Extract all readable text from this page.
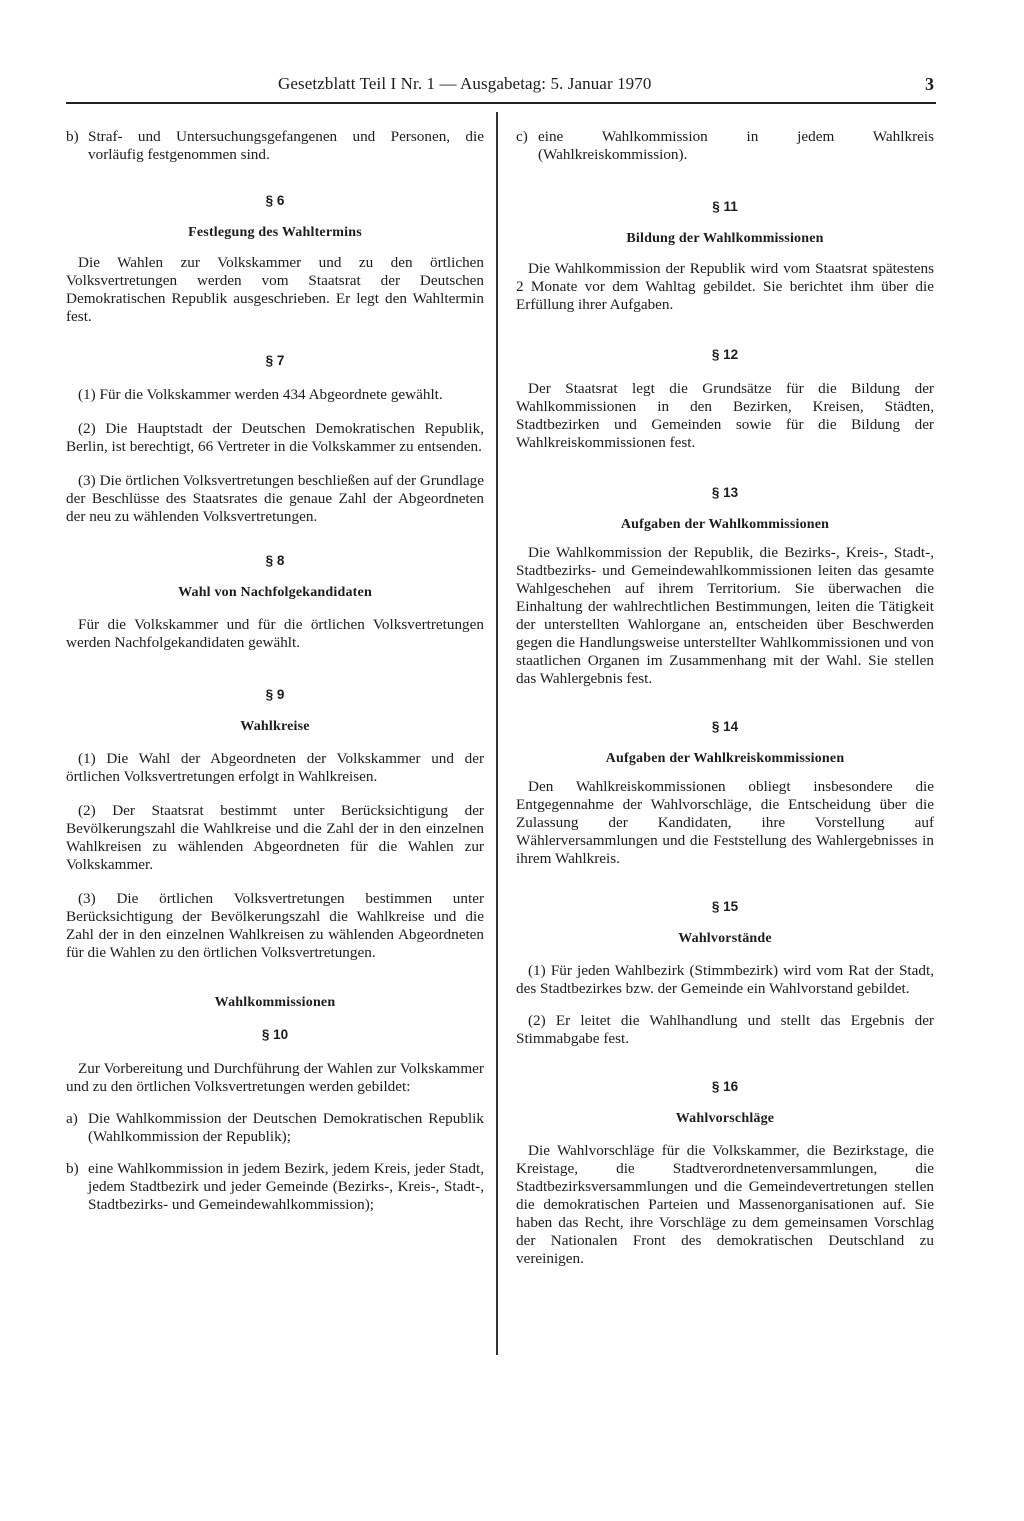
Gesetzblatt Teil I Nr. 1 — Ausgabetag: 5. Januar 1970	3
b) Straf- und Untersuchungsgefangenen und Personen, die vorläufig festgenommen sind.

§ 6

Festlegung des Wahltermins

Die Wahlen zur Volkskammer und zu den örtlichen Volksvertretungen werden vom Staatsrat der Deutschen Demokratischen Republik ausgeschrieben. Er legt den Wahltermin fest.

§ 7

(1) Für die Volkskammer werden 434 Abgeordnete gewählt.

(2) Die Hauptstadt der Deutschen Demokratischen Republik, Berlin, ist berechtigt, 66 Vertreter in die Volkskammer zu entsenden.

(3) Die örtlichen Volksvertretungen beschließen auf der Grundlage der Beschlüsse des Staatsrates die genaue Zahl der Abgeordneten der neu zu wählenden Volksvertretungen.

§ 8

Wahl von Nachfolgekandidaten

Für die Volkskammer und für die örtlichen Volksvertretungen werden Nachfolgekandidaten gewählt.

§ 9

Wahlkreise

(1) Die Wahl der Abgeordneten der Volkskammer und der örtlichen Volksvertretungen erfolgt in Wahlkreisen.

(2) Der Staatsrat bestimmt unter Berücksichtigung der Bevölkerungszahl die Wahlkreise und die Zahl der in den einzelnen Wahlkreisen zu wählenden Abgeordneten für die Wahlen zur Volkskammer.

(3) Die örtlichen Volksvertretungen bestimmen unter Berücksichtigung der Bevölkerungszahl die Wahlkreise und die Zahl der in den einzelnen Wahlkreisen zu wählenden Abgeordneten für die Wahlen zu den örtlichen Volksvertretungen.

Wahlkommissionen

§ 10

Zur Vorbereitung und Durchführung der Wahlen zur Volkskammer und zu den örtlichen Volksvertretungen werden gebildet:

a) Die Wahlkommission der Deutschen Demokratischen Republik (Wahlkommission der Republik);
b) eine Wahlkommission in jedem Bezirk, jedem Kreis, jeder Stadt, jedem Stadtbezirk und jeder Gemeinde (Bezirks-, Kreis-, Stadt-, Stadtbezirks- und Gemeindewahlkommission);
c) eine Wahlkommission in jedem Wahlkreis (Wahlkreiskommission).

§ 11

Bildung der Wahlkommissionen

Die Wahlkommission der Republik wird vom Staatsrat spätestens 2 Monate vor dem Wahltag gebildet. Sie berichtet ihm über die Erfüllung ihrer Aufgaben.

§ 12

Der Staatsrat legt die Grundsätze für die Bildung der Wahlkommissionen in den Bezirken, Kreisen, Städten, Stadtbezirken und Gemeinden sowie für die Bildung der Wahlkreiskommissionen fest.

§ 13

Aufgaben der Wahlkommissionen

Die Wahlkommission der Republik, die Bezirks-, Kreis-, Stadt-, Stadtbezirks- und Gemeindewahlkommissionen leiten das gesamte Wahlgeschehen auf ihrem Territorium. Sie überwachen die Einhaltung der wahlrechtlichen Bestimmungen, leiten die Tätigkeit der unterstellten Wahlorgane an, entscheiden über Beschwerden gegen die Handlungsweise unterstellter Wahlkommissionen und von staatlichen Organen im Zusammenhang mit der Wahl. Sie stellen das Wahlergebnis fest.

§ 14

Aufgaben der Wahlkreiskommissionen

Den Wahlkreiskommissionen obliegt insbesondere die Entgegennahme der Wahlvorschläge, die Entscheidung über die Zulassung der Kandidaten, ihre Vorstellung auf Wählerversammlungen und die Feststellung des Wahlergebnisses in ihrem Wahlkreis.

§ 15

Wahlvorstände

(1) Für jeden Wahlbezirk (Stimmbezirk) wird vom Rat der Stadt, des Stadtbezirkes bzw. der Gemeinde ein Wahlvorstand gebildet.

(2) Er leitet die Wahlhandlung und stellt das Ergebnis der Stimmabgabe fest.

§ 16

Wahlvorschläge

Die Wahlvorschläge für die Volkskammer, die Bezirkstage, die Kreistage, die Stadtverordnetenversammlungen, die Stadtbezirksversammlungen und die Gemeindevertretungen stellen die demokratischen Parteien und Massenorganisationen auf. Sie haben das Recht, ihre Vorschläge zu dem gemeinsamen Vorschlag der Nationalen Front des demokratischen Deutschland zu vereinigen.
